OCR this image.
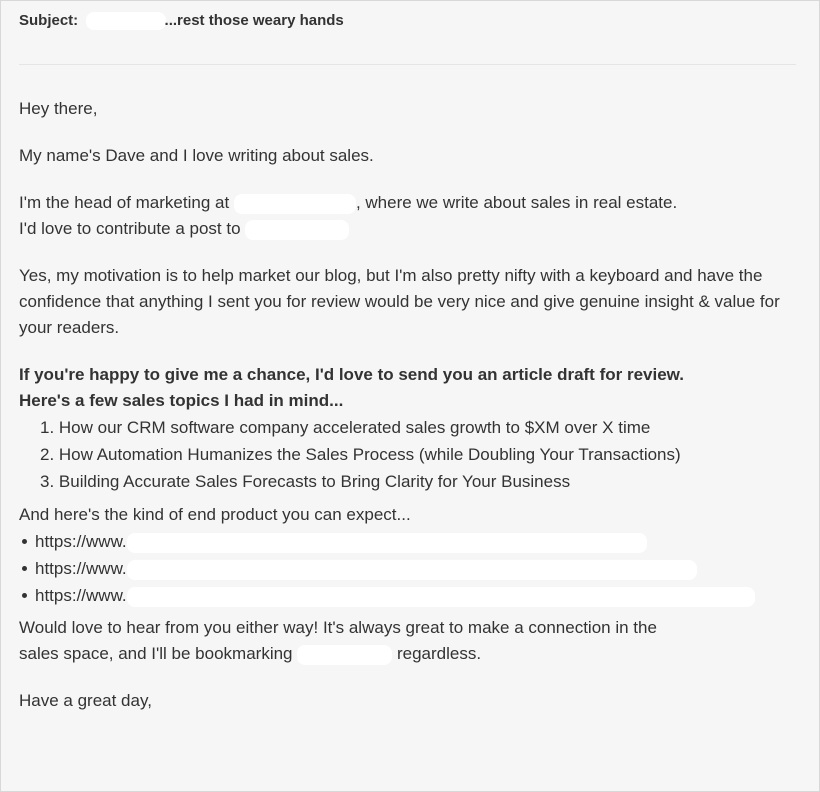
Subject:	...rest those weary hands

Hey there,

My name's Dave and I love writing about sales.

I'm the head of marketing at	, where we write about sales in real estate.
I'd love to contribute a post to

Yes, my motivation is to help market our blog, but I'm also pretty nifty with a keyboard and have the confidence that anything I sent you for review would be very nice and give genuine insight & value for your readers.

If you're happy to give me a chance, I'd love to send you an article draft for review.

Here's a few sales topics I had in mind...

1. How our CRM software company accelerated sales growth to $XM over X time
2. How Automation Humanizes the Sales Process (while Doubling Your Transactions)
3. Building Accurate Sales Forecasts to Bring Clarity for Your Business

And here's the kind of end product you can expect...

https://www.
https://www.
https://www.

Would love to hear from you either way! It's always great to make a connection in the
sales space, and I'll be bookmarking	regardless.

Have a great day,
